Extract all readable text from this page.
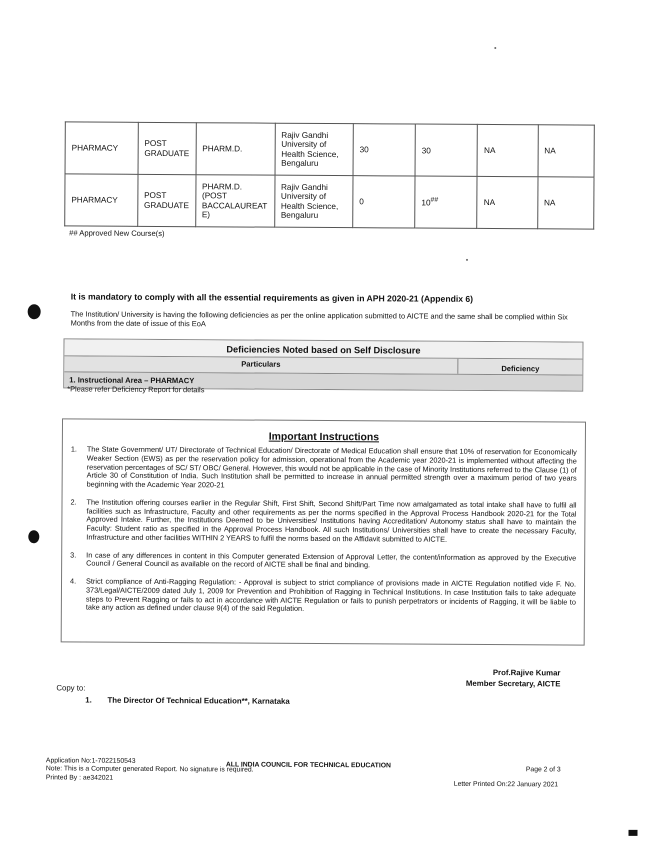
PHARMACY	POST GRADUATE	PHARM.D.	Rajiv Gandhi University of Health Science, Bengaluru	30	30	NA	NA
PHARMACY	POST GRADUATE	PHARM.D. (POST BACCALAUREAT E)	Rajiv Gandhi University of Health Science, Bengaluru	0	10##	NA	NA
## Approved New Course(s)
It is mandatory to comply with all the essential requirements as given in APH 2020-21 (Appendix 6)
The Institution/ University is having the following deficiencies as per the online application submitted to AICTE and the same shall be complied within Six Months from the date of issue of this EoA
Deficiencies Noted based on Self Disclosure
Particulars	Deficiency
1. Instructional Area – PHARMACY
*Please refer Deficiency Report for details
Important Instructions
1.	The State Government/ UT/ Directorate of Technical Education/ Directorate of Medical Education shall ensure that 10% of reservation for Economically Weaker Section (EWS) as per the reservation policy for admission, operational from the Academic year 2020-21 is implemented without affecting the reservation percentages of SC/ ST/ OBC/ General. However, this would not be applicable in the case of Minority Institutions referred to the Clause (1) of Article 30 of Constitution of India. Such Institution shall be permitted to increase in annual permitted strength over a maximum period of two years beginning with the Academic Year 2020-21
2.	The Institution offering courses earlier in the Regular Shift, First Shift, Second Shift/Part Time now amalgamated as total intake shall have to fulfil all facilities such as Infrastructure, Faculty and other requirements as per the norms specified in the Approval Process Handbook 2020-21 for the Total Approved Intake. Further, the Institutions Deemed to be Universities/ Institutions having Accreditation/ Autonomy status shall have to maintain the Faculty: Student ratio as specified in the Approval Process Handbook. All such Institutions/ Universities shall have to create the necessary Faculty, Infrastructure and other facilities WITHIN 2 YEARS to fulfil the norms based on the Affidavit submitted to AICTE.
3.	In case of any differences in content in this Computer generated Extension of Approval Letter, the content/information as approved by the Executive Council / General Council as available on the record of AICTE shall be final and binding.
4.	Strict compliance of Anti-Ragging Regulation: - Approval is subject to strict compliance of provisions made in AICTE Regulation notified vide F. No. 373/Legal/AICTE/2009 dated July 1, 2009 for Prevention and Prohibition of Ragging in Technical Institutions. In case Institution fails to take adequate steps to Prevent Ragging or fails to act in accordance with AICTE Regulation or fails to punish perpetrators or incidents of Ragging, it will be liable to take any action as defined under clause 9(4) of the said Regulation.
Prof.Rajive Kumar
Member Secretary, AICTE
Copy to:
1. The Director Of Technical Education**, Karnataka
Application No:1-7022150543
Note: This is a Computer generated Report. No signature is required.
Printed By : ae342021
ALL INDIA COUNCIL FOR TECHNICAL EDUCATION
Page 2 of 3
Letter Printed On:22 January 2021
